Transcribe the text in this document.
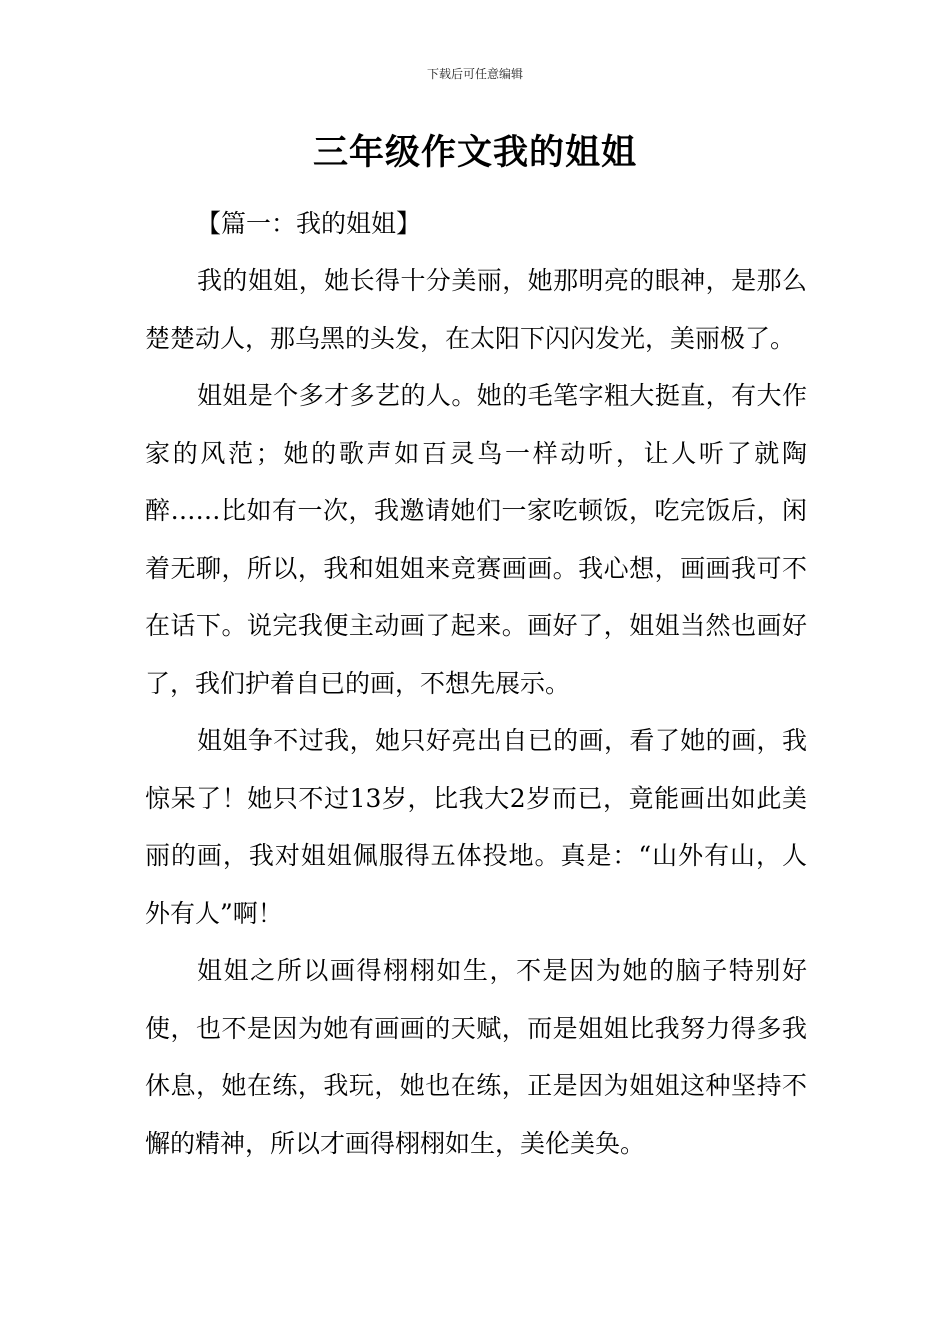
下载后可任意编辑
三年级作文我的姐姐
【篇一：我的姐姐】

我的姐姐，她长得十分美丽，她那明亮的眼神，是那么楚楚动人，那乌黑的头发，在太阳下闪闪发光，美丽极了。

姐姐是个多才多艺的人。她的毛笔字粗大挺直，有大作家的风范；她的歌声如百灵鸟一样动听，让人听了就陶醉……比如有一次，我邀请她们一家吃顿饭，吃完饭后，闲着无聊，所以，我和姐姐来竞赛画画。我心想，画画我可不在话下。说完我便主动画了起来。画好了，姐姐当然也画好了，我们护着自已的画，不想先展示。

姐姐争不过我，她只好亮出自已的画，看了她的画，我惊呆了！她只不过13岁，比我大2岁而已，竟能画出如此美丽的画，我对姐姐佩服得五体投地。真是：“山外有山，人外有人”啊！

姐姐之所以画得栩栩如生，不是因为她的脑子特别好使，也不是因为她有画画的天赋，而是姐姐比我努力得多我休息，她在练，我玩，她也在练，正是因为姐姐这种坚持不懈的精神，所以才画得栩栩如生，美伦美奂。
